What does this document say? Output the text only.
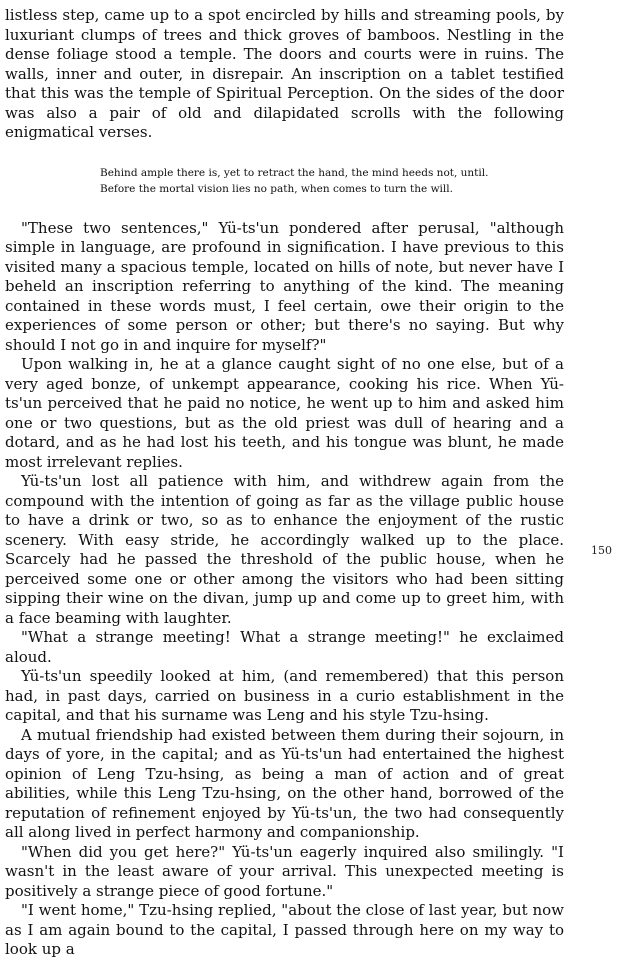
listless step, came up to a spot encircled by hills and streaming pools, by luxuriant clumps of trees and thick groves of bamboos. Nestling in the dense foliage stood a temple. The doors and courts were in ruins. The walls, inner and outer, in disrepair. An inscription on a tablet testified that this was the temple of Spiritual Perception. On the sides of the door was also a pair of old and dilapidated scrolls with the following enigmatical verses.

Behind ample there is, yet to retract the hand, the mind heeds not, until.
Before the mortal vision lies no path, when comes to turn the will.

"These two sentences," Yü-ts'un pondered after perusal, "although simple in language, are profound in signification. I have previous to this visited many a spacious temple, located on hills of note, but never have I beheld an inscription referring to anything of the kind. The meaning contained in these words must, I feel certain, owe their origin to the experiences of some person or other; but there's no saying. But why should I not go in and inquire for myself?"

Upon walking in, he at a glance caught sight of no one else, but of a very aged bonze, of unkempt appearance, cooking his rice. When Yü-ts'un perceived that he paid no notice, he went up to him and asked him one or two questions, but as the old priest was dull of hearing and a dotard, and as he had lost his teeth, and his tongue was blunt, he made most irrelevant replies.

Yü-ts'un lost all patience with him, and withdrew again from the compound with the intention of going as far as the village public house to have a drink or two, so as to enhance the enjoyment of the rustic scenery. With easy stride, he accordingly walked up to the place. Scarcely had he passed the threshold of the public house, when he perceived some one or other among the visitors who had been sitting sipping their wine on the divan, jump up and come up to greet him, with a face beaming with laughter.

"What a strange meeting! What a strange meeting!" he exclaimed aloud.

Yü-ts'un speedily looked at him, (and remembered) that this person had, in past days, carried on business in a curio establishment in the capital, and that his surname was Leng and his style Tzu-hsing.

A mutual friendship had existed between them during their sojourn, in days of yore, in the capital; and as Yü-ts'un had entertained the highest opinion of Leng Tzu-hsing, as being a man of action and of great abilities, while this Leng Tzu-hsing, on the other hand, borrowed of the reputation of refinement enjoyed by Yü-ts'un, the two had consequently all along lived in perfect harmony and companionship.

"When did you get here?" Yü-ts'un eagerly inquired also smilingly. "I wasn't in the least aware of your arrival. This unexpected meeting is positively a strange piece of good fortune."

"I went home," Tzu-hsing replied, "about the close of last year, but now as I am again bound to the capital, I passed through here on my way to look up a

150
